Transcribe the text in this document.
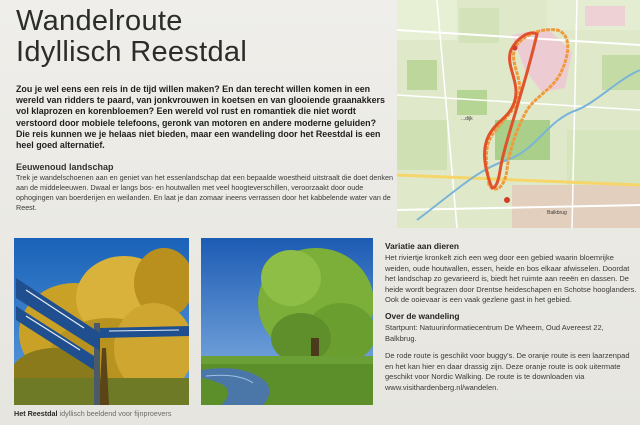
Wandelroute
Idyllisch Reestdal

Zou je wel eens een reis in de tijd willen maken? En dan terecht willen komen in een wereld van ridders te paard, van jonkvrouwen in koetsen en van glooiende graanakkers vol klaprozen en korenbloemen? Een wereld vol rust en romantiek die niet wordt verstoord door mobiele telefoons, geronk van motoren en andere moderne geluiden? Die reis kunnen we je helaas niet bieden, maar een wandeling door het Reestdal is een heel goed alternatief.

Eeuwenoud landschap

Trek je wandelschoenen aan en geniet van het essenlandschap dat een bepaalde woestheid uitstraalt die doet denken aan de middeleeuwen. Dwaal er langs bos- en houtwallen met veel hoogteverschillen, veroorzaakt door oude ophogingen van boerderijen en weilanden. En laat je dan zomaar ineens verrassen door het kabbelende water van de Reest.

...dijk
Balkbrug
Het Reestdal idyllisch beeldend voor fijnproevers
Variatie aan dieren

Het riviertje kronkelt zich een weg door een gebied waarin bloemrijke weiden, oude houtwallen, essen, heide en bos elkaar afwisselen. Doordat het landschap zo gevarieerd is, biedt het ruimte aan reeën en dassen. De heide wordt begrazen door Drentse heideschapen en Schotse hooglanders. Ook de ooievaar is een vaak gezlene gast in het gebied.

Over de wandeling

Startpunt: Natuurinformatiecentrum De Wheem, Oud Avereest 22, Balkbrug.

De rode route is geschikt voor buggy's. De oranje route is een laarzenpad en het kan hier en daar drassig zijn. Deze oranje route is ook uitermate geschikt voor Nordic Walking. De route is te downloaden via www.visithardenberg.nl/wandelen.
